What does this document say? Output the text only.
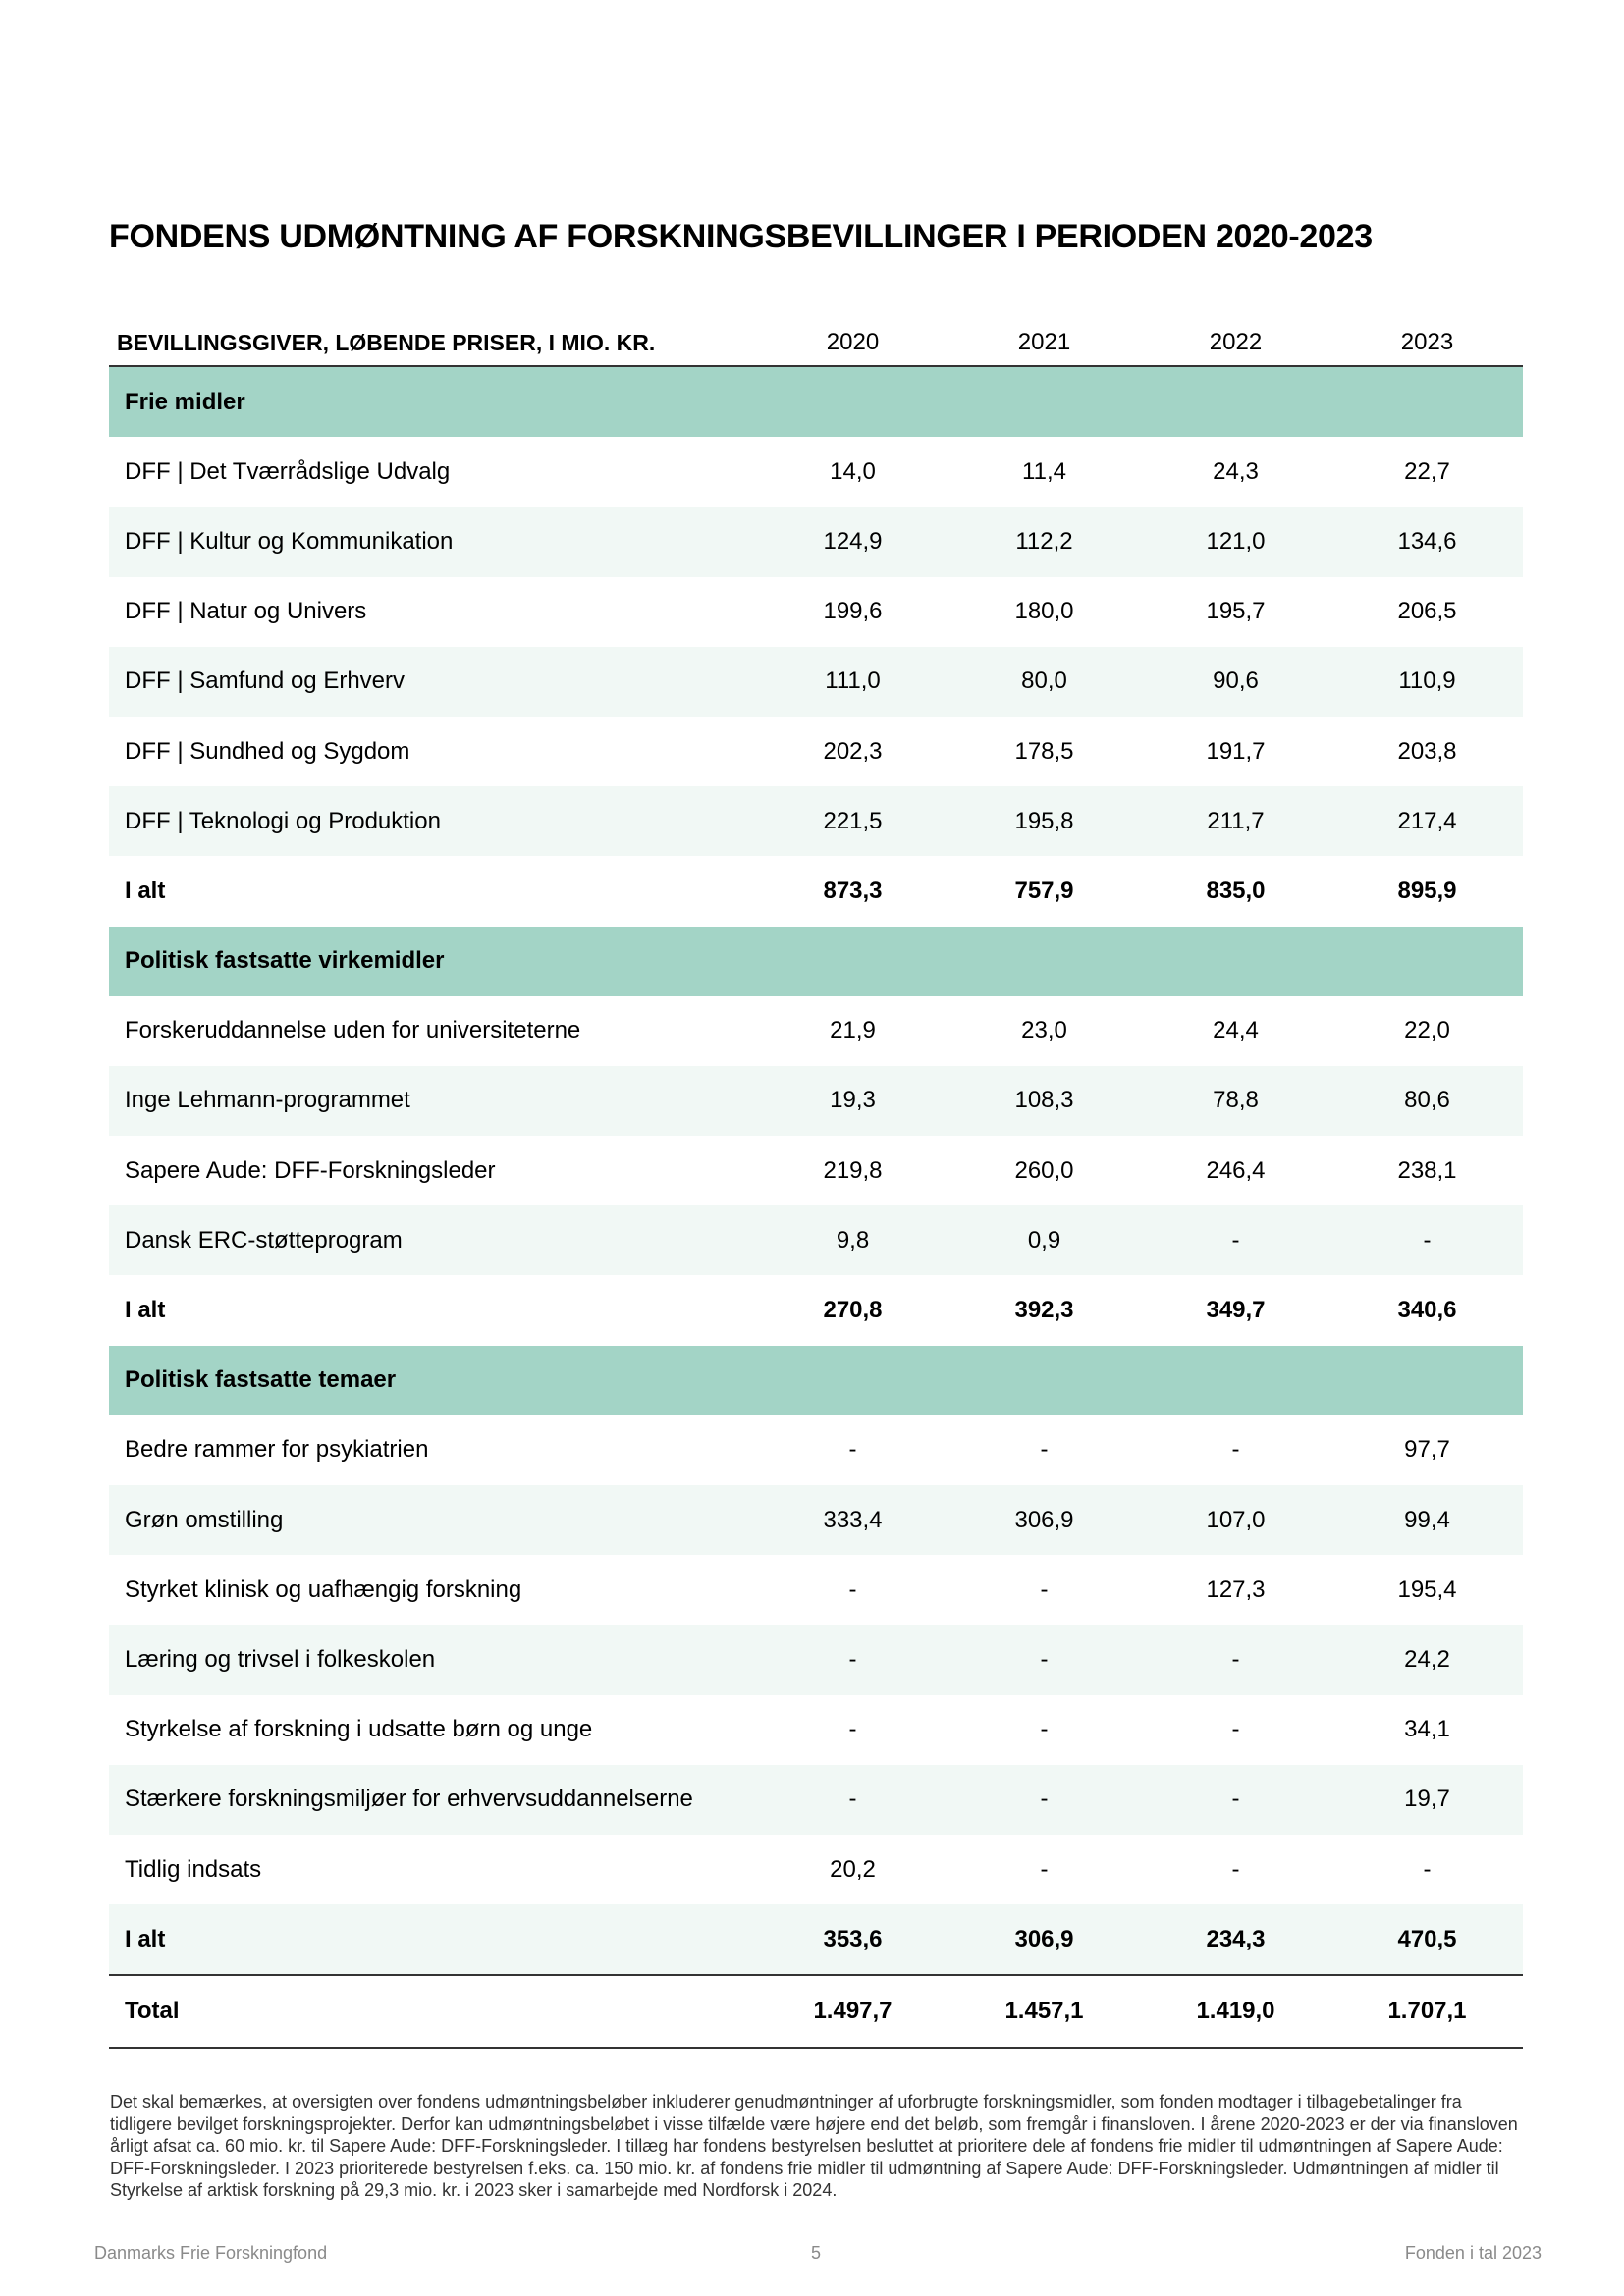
FONDENS UDMØNTNING AF FORSKNINGSBEVILLINGER I PERIODEN 2020-2023
BEVILLINGSGIVER, LØBENDE PRISER, I MIO. KR.	2020	2021	2022	2023
Frie midler				
DFF | Det Tværrådslige Udvalg	14,0	11,4	24,3	22,7
DFF | Kultur og Kommunikation	124,9	112,2	121,0	134,6
DFF | Natur og Univers	199,6	180,0	195,7	206,5
DFF | Samfund og Erhverv	111,0	80,0	90,6	110,9
DFF | Sundhed og Sygdom	202,3	178,5	191,7	203,8
DFF | Teknologi og Produktion	221,5	195,8	211,7	217,4
I alt	873,3	757,9	835,0	895,9
Politisk fastsatte virkemidler				
Forskeruddannelse uden for universiteterne	21,9	23,0	24,4	22,0
Inge Lehmann-programmet	19,3	108,3	78,8	80,6
Sapere Aude: DFF-Forskningsleder	219,8	260,0	246,4	238,1
Dansk ERC-støtteprogram	9,8	0,9	-	-
I alt	270,8	392,3	349,7	340,6
Politisk fastsatte temaer				
Bedre rammer for psykiatrien	-	-	-	97,7
Grøn omstilling	333,4	306,9	107,0	99,4
Styrket klinisk og uafhængig forskning	-	-	127,3	195,4
Læring og trivsel i folkeskolen	-	-	-	24,2
Styrkelse af forskning i udsatte børn og unge	-	-	-	34,1
Stærkere forskningsmiljøer for erhvervsuddannelserne	-	-	-	19,7
Tidlig indsats	20,2	-	-	-
I alt	353,6	306,9	234,3	470,5
Total	1.497,7	1.457,1	1.419,0	1.707,1
Det skal bemærkes, at oversigten over fondens udmøntningsbeløber inkluderer genudmøntninger af uforbrugte forskningsmidler, som fonden modtager i tilbagebetalinger fra tidligere bevilget forskningsprojekter. Derfor kan udmøntningsbeløbet i visse tilfælde være højere end det beløb, som fremgår i finansloven. I årene 2020-2023 er der via finansloven årligt afsat ca. 60 mio. kr. til Sapere Aude: DFF-Forskningsleder. I tillæg har fondens bestyrelsen besluttet at prioritere dele af fondens frie midler til udmøntningen af Sapere Aude: DFF-Forskningsleder. I 2023 prioriterede bestyrelsen f.eks. ca. 150 mio. kr. af fondens frie midler til udmøntning af Sapere Aude: DFF-Forskningsleder. Udmøntningen af midler til Styrkelse af arktisk forskning på 29,3 mio. kr. i 2023 sker i samarbejde med Nordforsk i 2024.
Danmarks Frie Forskningfond	5	Fonden i tal 2023
